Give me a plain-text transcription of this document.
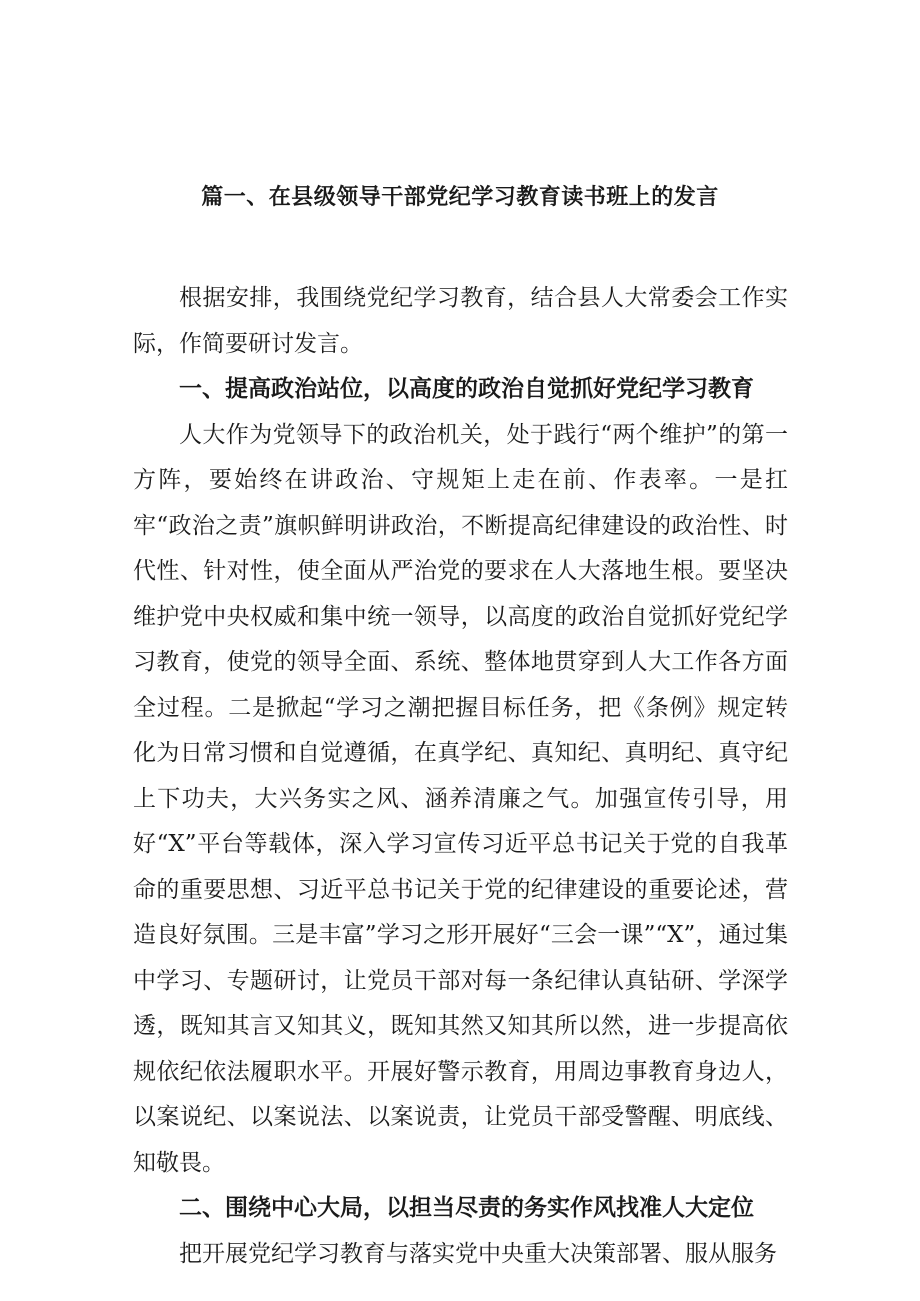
篇一、在县级领导干部党纪学习教育读书班上的发言

根据安排，我围绕党纪学习教育，结合县人大常委会工作实际，作简要研讨发言。

一、提高政治站位，以高度的政治自觉抓好党纪学习教育

人大作为党领导下的政治机关，处于践行“两个维护”的第一方阵，要始终在讲政治、守规矩上走在前、作表率。一是扛牢“政治之责”旗帜鲜明讲政治，不断提高纪律建设的政治性、时代性、针对性，使全面从严治党的要求在人大落地生根。要坚决维护党中央权威和集中统一领导，以高度的政治自觉抓好党纪学习教育，使党的领导全面、系统、整体地贯穿到人大工作各方面全过程。二是掀起“学习之潮把握目标任务，把《条例》规定转化为日常习惯和自觉遵循，在真学纪、真知纪、真明纪、真守纪上下功夫，大兴务实之风、涵养清廉之气。加强宣传引导，用好“X”平台等载体，深入学习宣传习近平总书记关于党的自我革命的重要思想、习近平总书记关于党的纪律建设的重要论述，营造良好氛围。三是丰富”学习之形开展好“三会一课”“X”，通过集中学习、专题研讨，让党员干部对每一条纪律认真钻研、学深学透，既知其言又知其义，既知其然又知其所以然，进一步提高依规依纪依法履职水平。开展好警示教育，用周边事教育身边人，以案说纪、以案说法、以案说责，让党员干部受警醒、明底线、知敬畏。

二、围绕中心大局，以担当尽责的务实作风找准人大定位

把开展党纪学习教育与落实党中央重大决策部署、服从服务
